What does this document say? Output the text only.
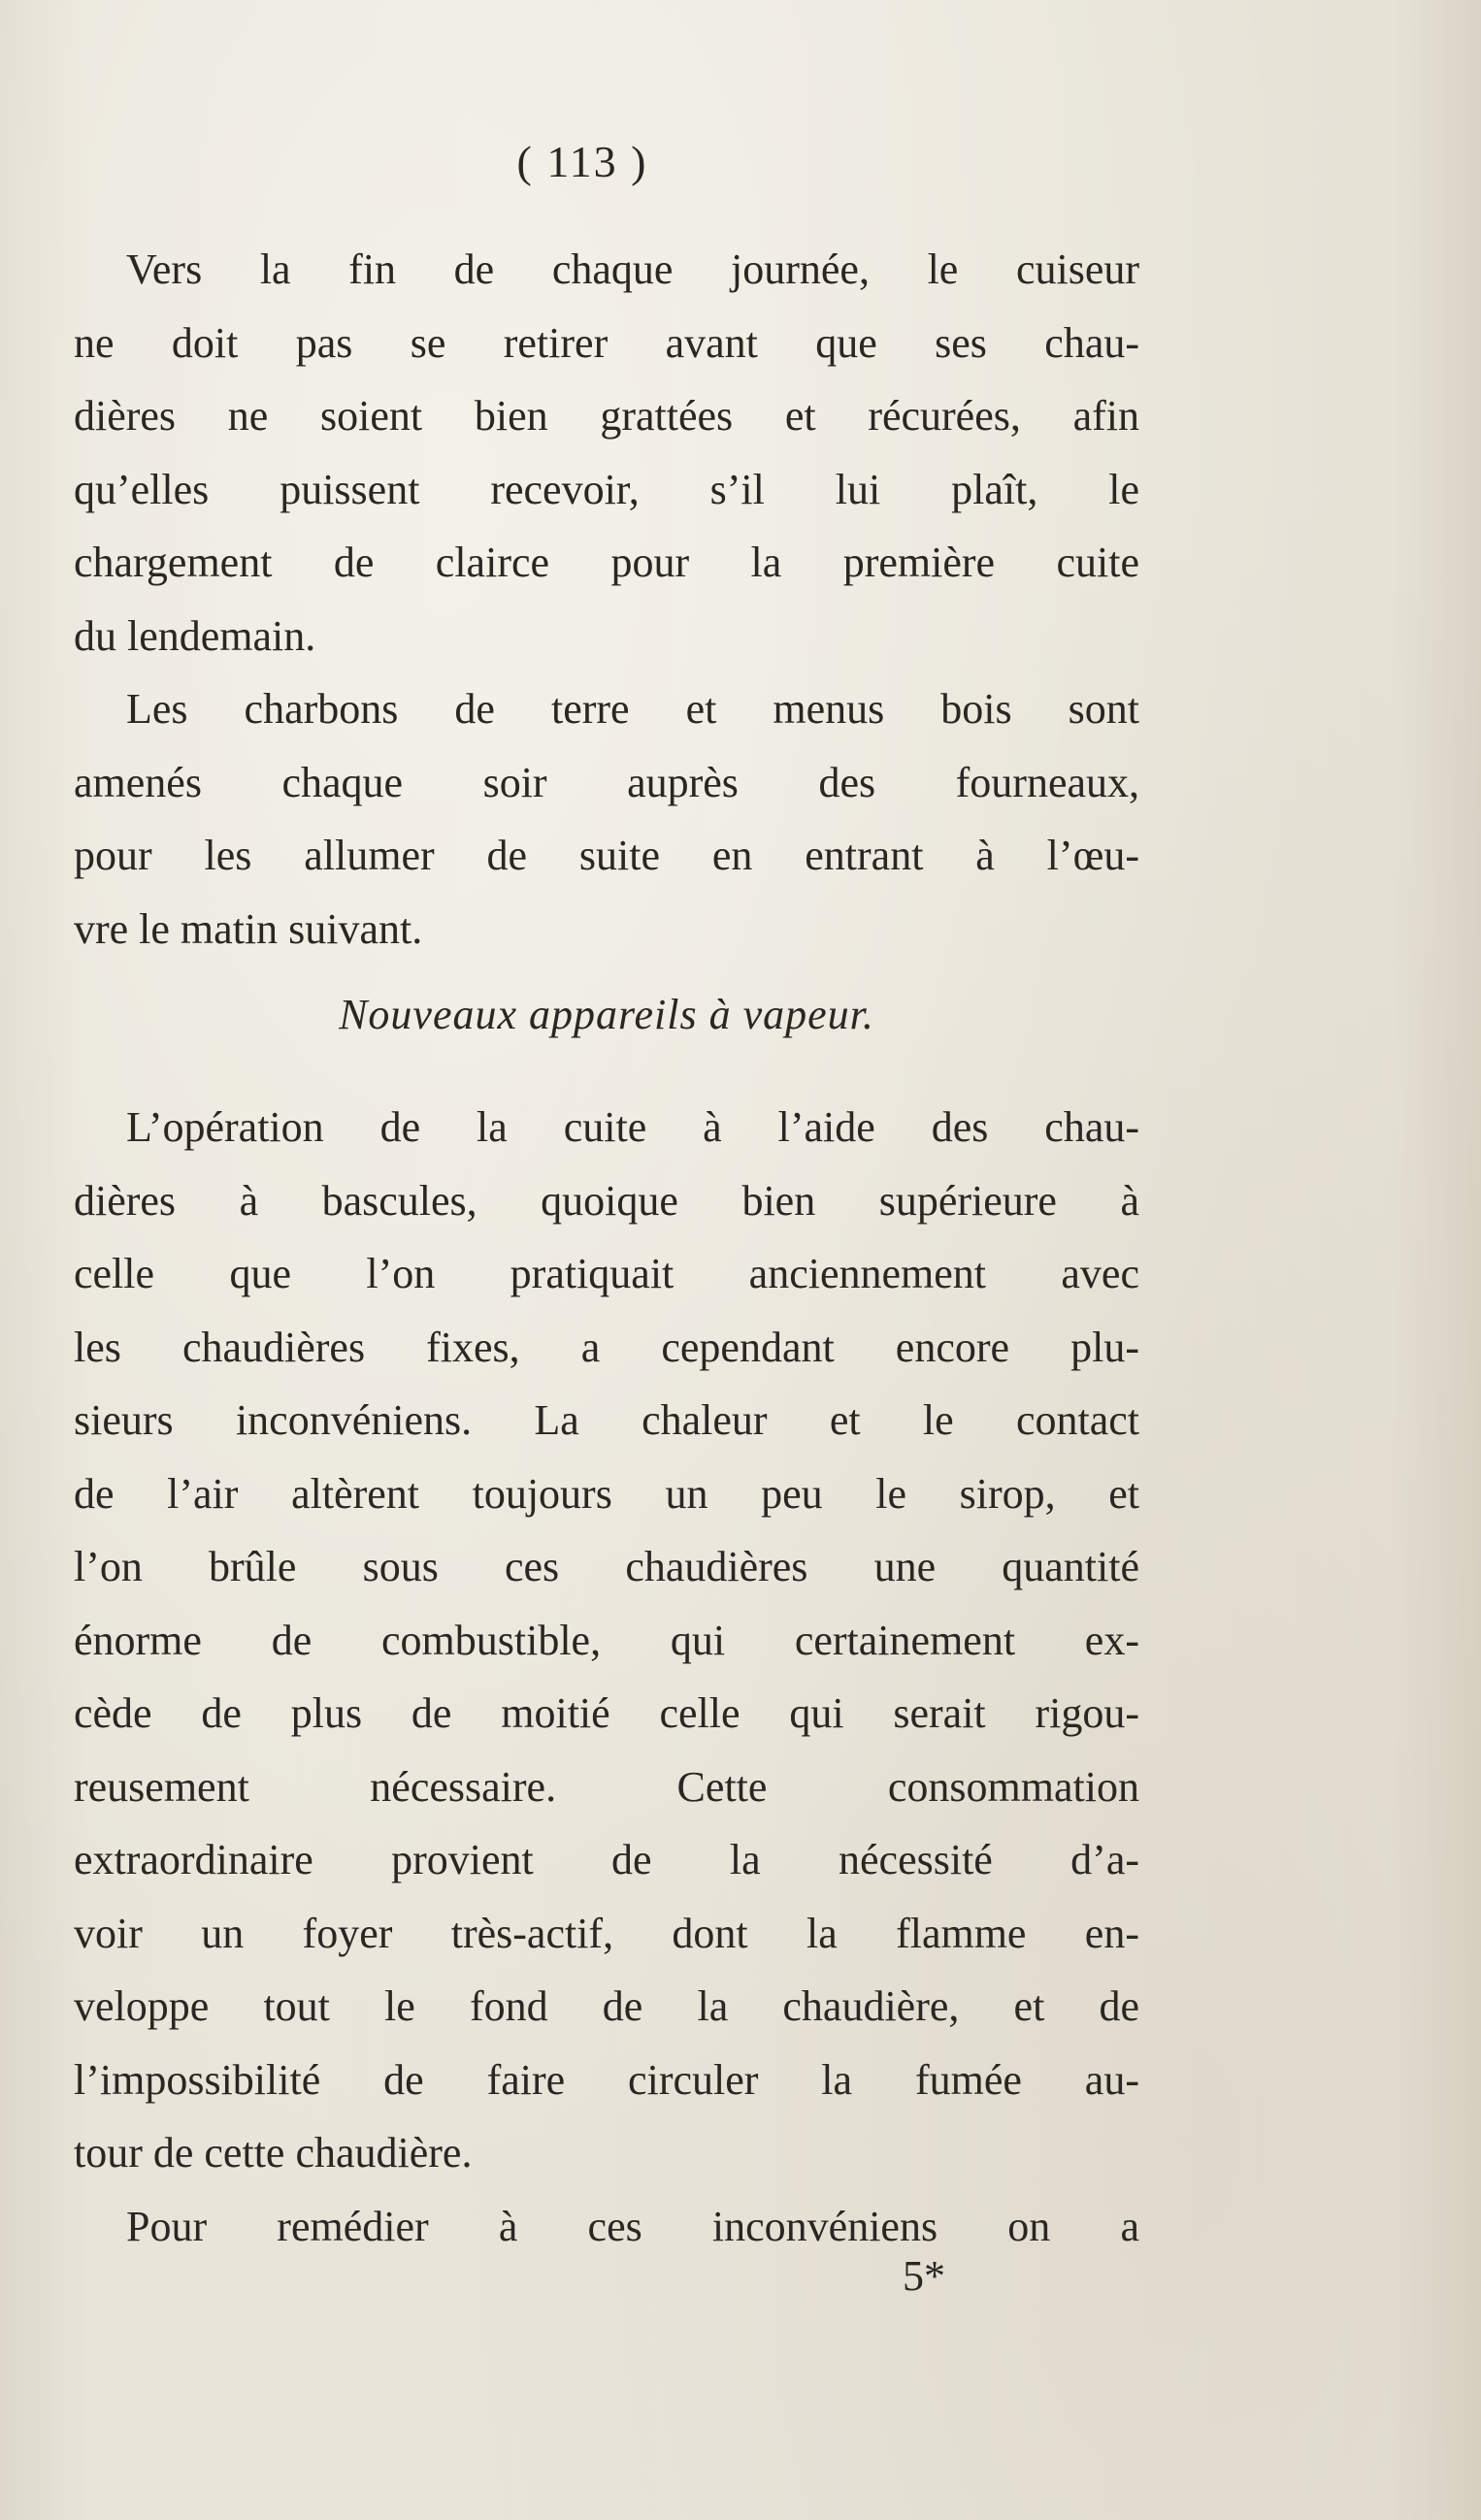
( 113 )
Vers la fin de chaque journée, le cuiseur
ne doit pas se retirer avant que ses chau-
dières ne soient bien grattées et récurées, afin
qu’elles puissent recevoir, s’il lui plaît, le
chargement de clairce pour la première cuite
du lendemain.
Les charbons de terre et menus bois sont
amenés chaque soir auprès des fourneaux,
pour les allumer de suite en entrant à l’œu-
vre le matin suivant.
Nouveaux appareils à vapeur.
L’opération de la cuite à l’aide des chau-
dières à bascules, quoique bien supérieure à
celle que l’on pratiquait anciennement avec
les chaudières fixes, a cependant encore plu-
sieurs inconvéniens. La chaleur et le contact
de l’air altèrent toujours un peu le sirop, et
l’on brûle sous ces chaudières une quantité
énorme de combustible, qui certainement ex-
cède de plus de moitié celle qui serait rigou-
reusement nécessaire. Cette consommation
extraordinaire provient de la nécessité d’a-
voir un foyer très-actif, dont la flamme en-
veloppe tout le fond de la chaudière, et de
l’impossibilité de faire circuler la fumée au-
tour de cette chaudière.
Pour remédier à ces inconvéniens on a
5*
